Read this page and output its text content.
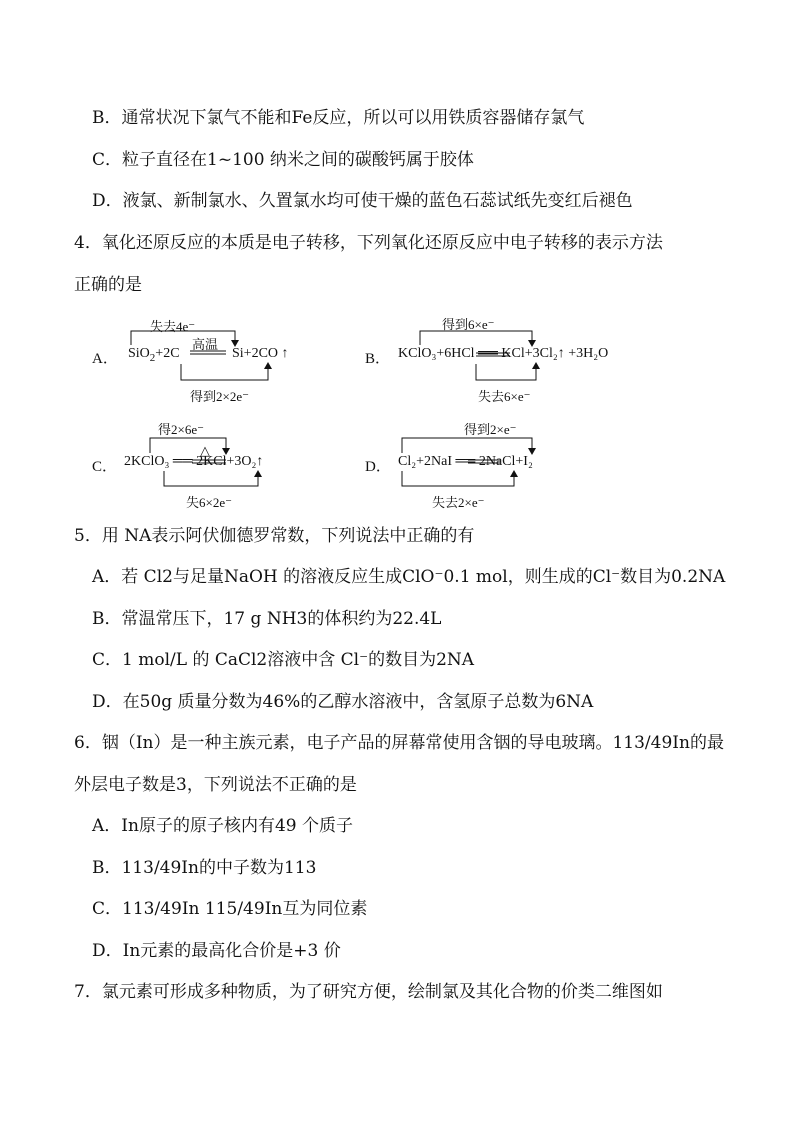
B．通常状况下氯气不能和Fe反应，所以可以用铁质容器储存氯气
C．粒子直径在1~100 纳米之间的碳酸钙属于胶体
D．液氯、新制氯水、久置氯水均可使干燥的蓝色石蕊试纸先变红后褪色
4．氧化还原反应的本质是电子转移，下列氧化还原反应中电子转移的表示方法
正确的是
A．
失去4e⁻
高温
SiO$_2$+2C	Si+2CO ↑
得到2×2e⁻
B．
得到6×e⁻
KClO₃+6HCl ══ KCl+3Cl₂↑ +3H₂O
失去6×e⁻
C．
得2×6e⁻
△
2KClO₃ ══ 2KCl+3O₂↑
失6×2e⁻
D．
得到2×e⁻
Cl₂+2NaI ══ 2NaCl+I₂
失去2×e⁻
5．用 NA表示阿伏伽德罗常数，下列说法中正确的有
A．若 Cl2与足量NaOH 的溶液反应生成ClO⁻0.1 mol，则生成的Cl⁻数目为0.2NA
B．常温常压下，17 g NH3的体积约为22.4L
C．1 mol/L 的 CaCl2溶液中含 Cl⁻的数目为2NA
D．在50g 质量分数为46%的乙醇水溶液中，含氢原子总数为6NA
6．铟（In）是一种主族元素，电子产品的屏幕常使用含铟的导电玻璃。113/49In的最
外层电子数是3，下列说法不正确的是
A．In原子的原子核内有49 个质子
B．113/49In的中子数为113
C．113/49In 115/49In互为同位素
D．In元素的最高化合价是+3 价
7．氯元素可形成多种物质，为了研究方便，绘制氯及其化合物的价类二维图如
